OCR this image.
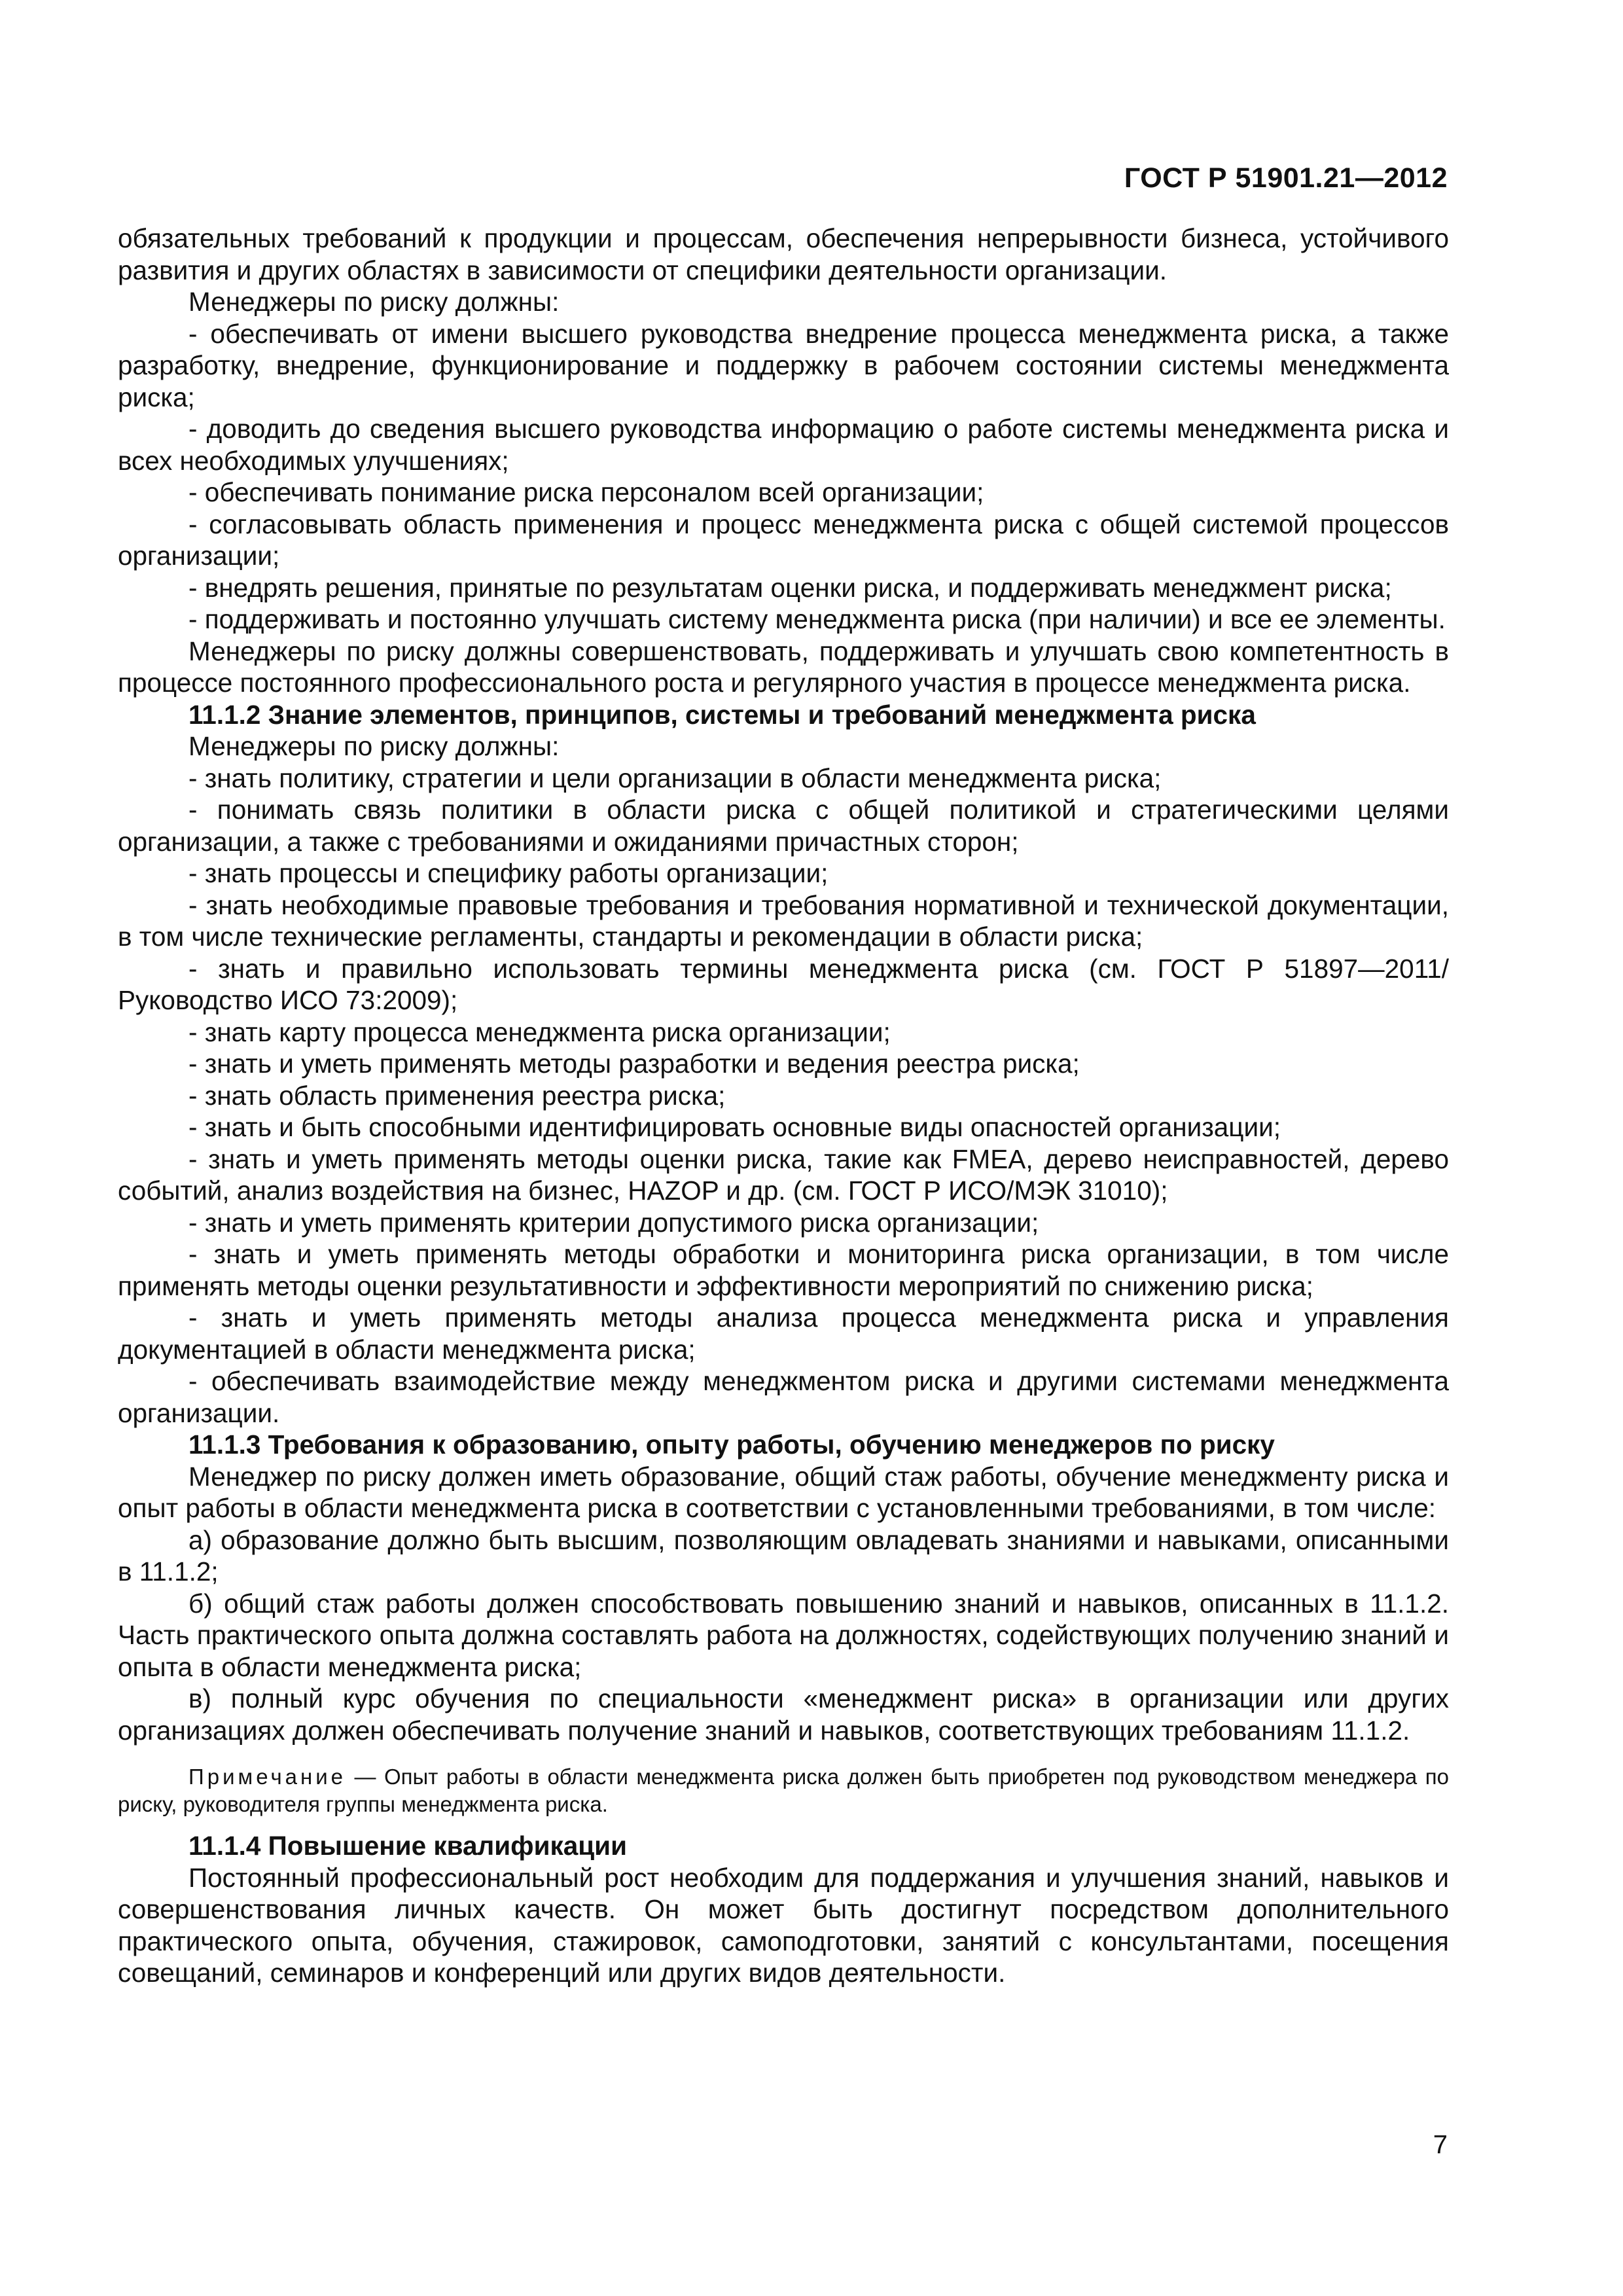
ГОСТ Р 51901.21—2012

обязательных требований к продукции и процессам, обеспечения непрерывности бизнеса, устойчивого развития и других областях в зависимости от специфики деятельности организации.

Менеджеры по риску должны:

- обеспечивать от имени высшего руководства внедрение процесса менеджмента риска, а также разработку, внедрение, функционирование и поддержку в рабочем состоянии системы менеджмента риска;

- доводить до сведения высшего руководства информацию о работе системы менеджмента риска и всех необходимых улучшениях;

- обеспечивать понимание риска персоналом всей организации;

- согласовывать область применения и процесс менеджмента риска с общей системой процессов организации;

- внедрять решения, принятые по результатам оценки риска, и поддерживать менеджмент риска;

- поддерживать и постоянно улучшать систему менеджмента риска (при наличии) и все ее элементы.

Менеджеры по риску должны совершенствовать, поддерживать и улучшать свою компетентность в процессе постоянного профессионального роста и регулярного участия в процессе менеджмента риска.

11.1.2 Знание элементов, принципов, системы и требований менеджмента риска

Менеджеры по риску должны:

- знать политику, стратегии и цели организации в области менеджмента риска;

- понимать связь политики в области риска с общей политикой и стратегическими целями организации, а также с требованиями и ожиданиями причастных сторон;

- знать процессы и специфику работы организации;

- знать необходимые правовые требования и требования нормативной и технической документации, в том числе технические регламенты, стандарты и рекомендации в области риска;

- знать и правильно использовать термины менеджмента риска (см. ГОСТ Р 51897—2011/Руководство ИСО 73:2009);

- знать карту процесса менеджмента риска организации;

- знать и уметь применять методы разработки и ведения реестра риска;

- знать область применения реестра риска;

- знать и быть способными идентифицировать основные виды опасностей организации;

- знать и уметь применять методы оценки риска, такие как FMEA, дерево неисправностей, дерево событий, анализ воздействия на бизнес, HAZOP и др. (см. ГОСТ Р ИСО/МЭК 31010);

- знать и уметь применять критерии допустимого риска организации;

- знать и уметь применять методы обработки и мониторинга риска организации, в том числе применять методы оценки результативности и эффективности мероприятий по снижению риска;

- знать и уметь применять методы анализа процесса менеджмента риска и управления документацией в области менеджмента риска;

- обеспечивать взаимодействие между менеджментом риска и другими системами менеджмента организации.

11.1.3 Требования к образованию, опыту работы, обучению менеджеров по риску

Менеджер по риску должен иметь образование, общий стаж работы, обучение менеджменту риска и опыт работы в области менеджмента риска в соответствии с установленными требованиями, в том числе:

а) образование должно быть высшим, позволяющим овладевать знаниями и навыками, описанными в 11.1.2;

б) общий стаж работы должен способствовать повышению знаний и навыков, описанных в 11.1.2. Часть практического опыта должна составлять работа на должностях, содействующих получению знаний и опыта в области менеджмента риска;

в) полный курс обучения по специальности «менеджмент риска» в организации или других организациях должен обеспечивать получение знаний и навыков, соответствующих требованиям 11.1.2.

Примечание — Опыт работы в области менеджмента риска должен быть приобретен под руководством менеджера по риску, руководителя группы менеджмента риска.

11.1.4 Повышение квалификации

Постоянный профессиональный рост необходим для поддержания и улучшения знаний, навыков и совершенствования личных качеств. Он может быть достигнут посредством дополнительного практического опыта, обучения, стажировок, самоподготовки, занятий с консультантами, посещения совещаний, семинаров и конференций или других видов деятельности.

7
